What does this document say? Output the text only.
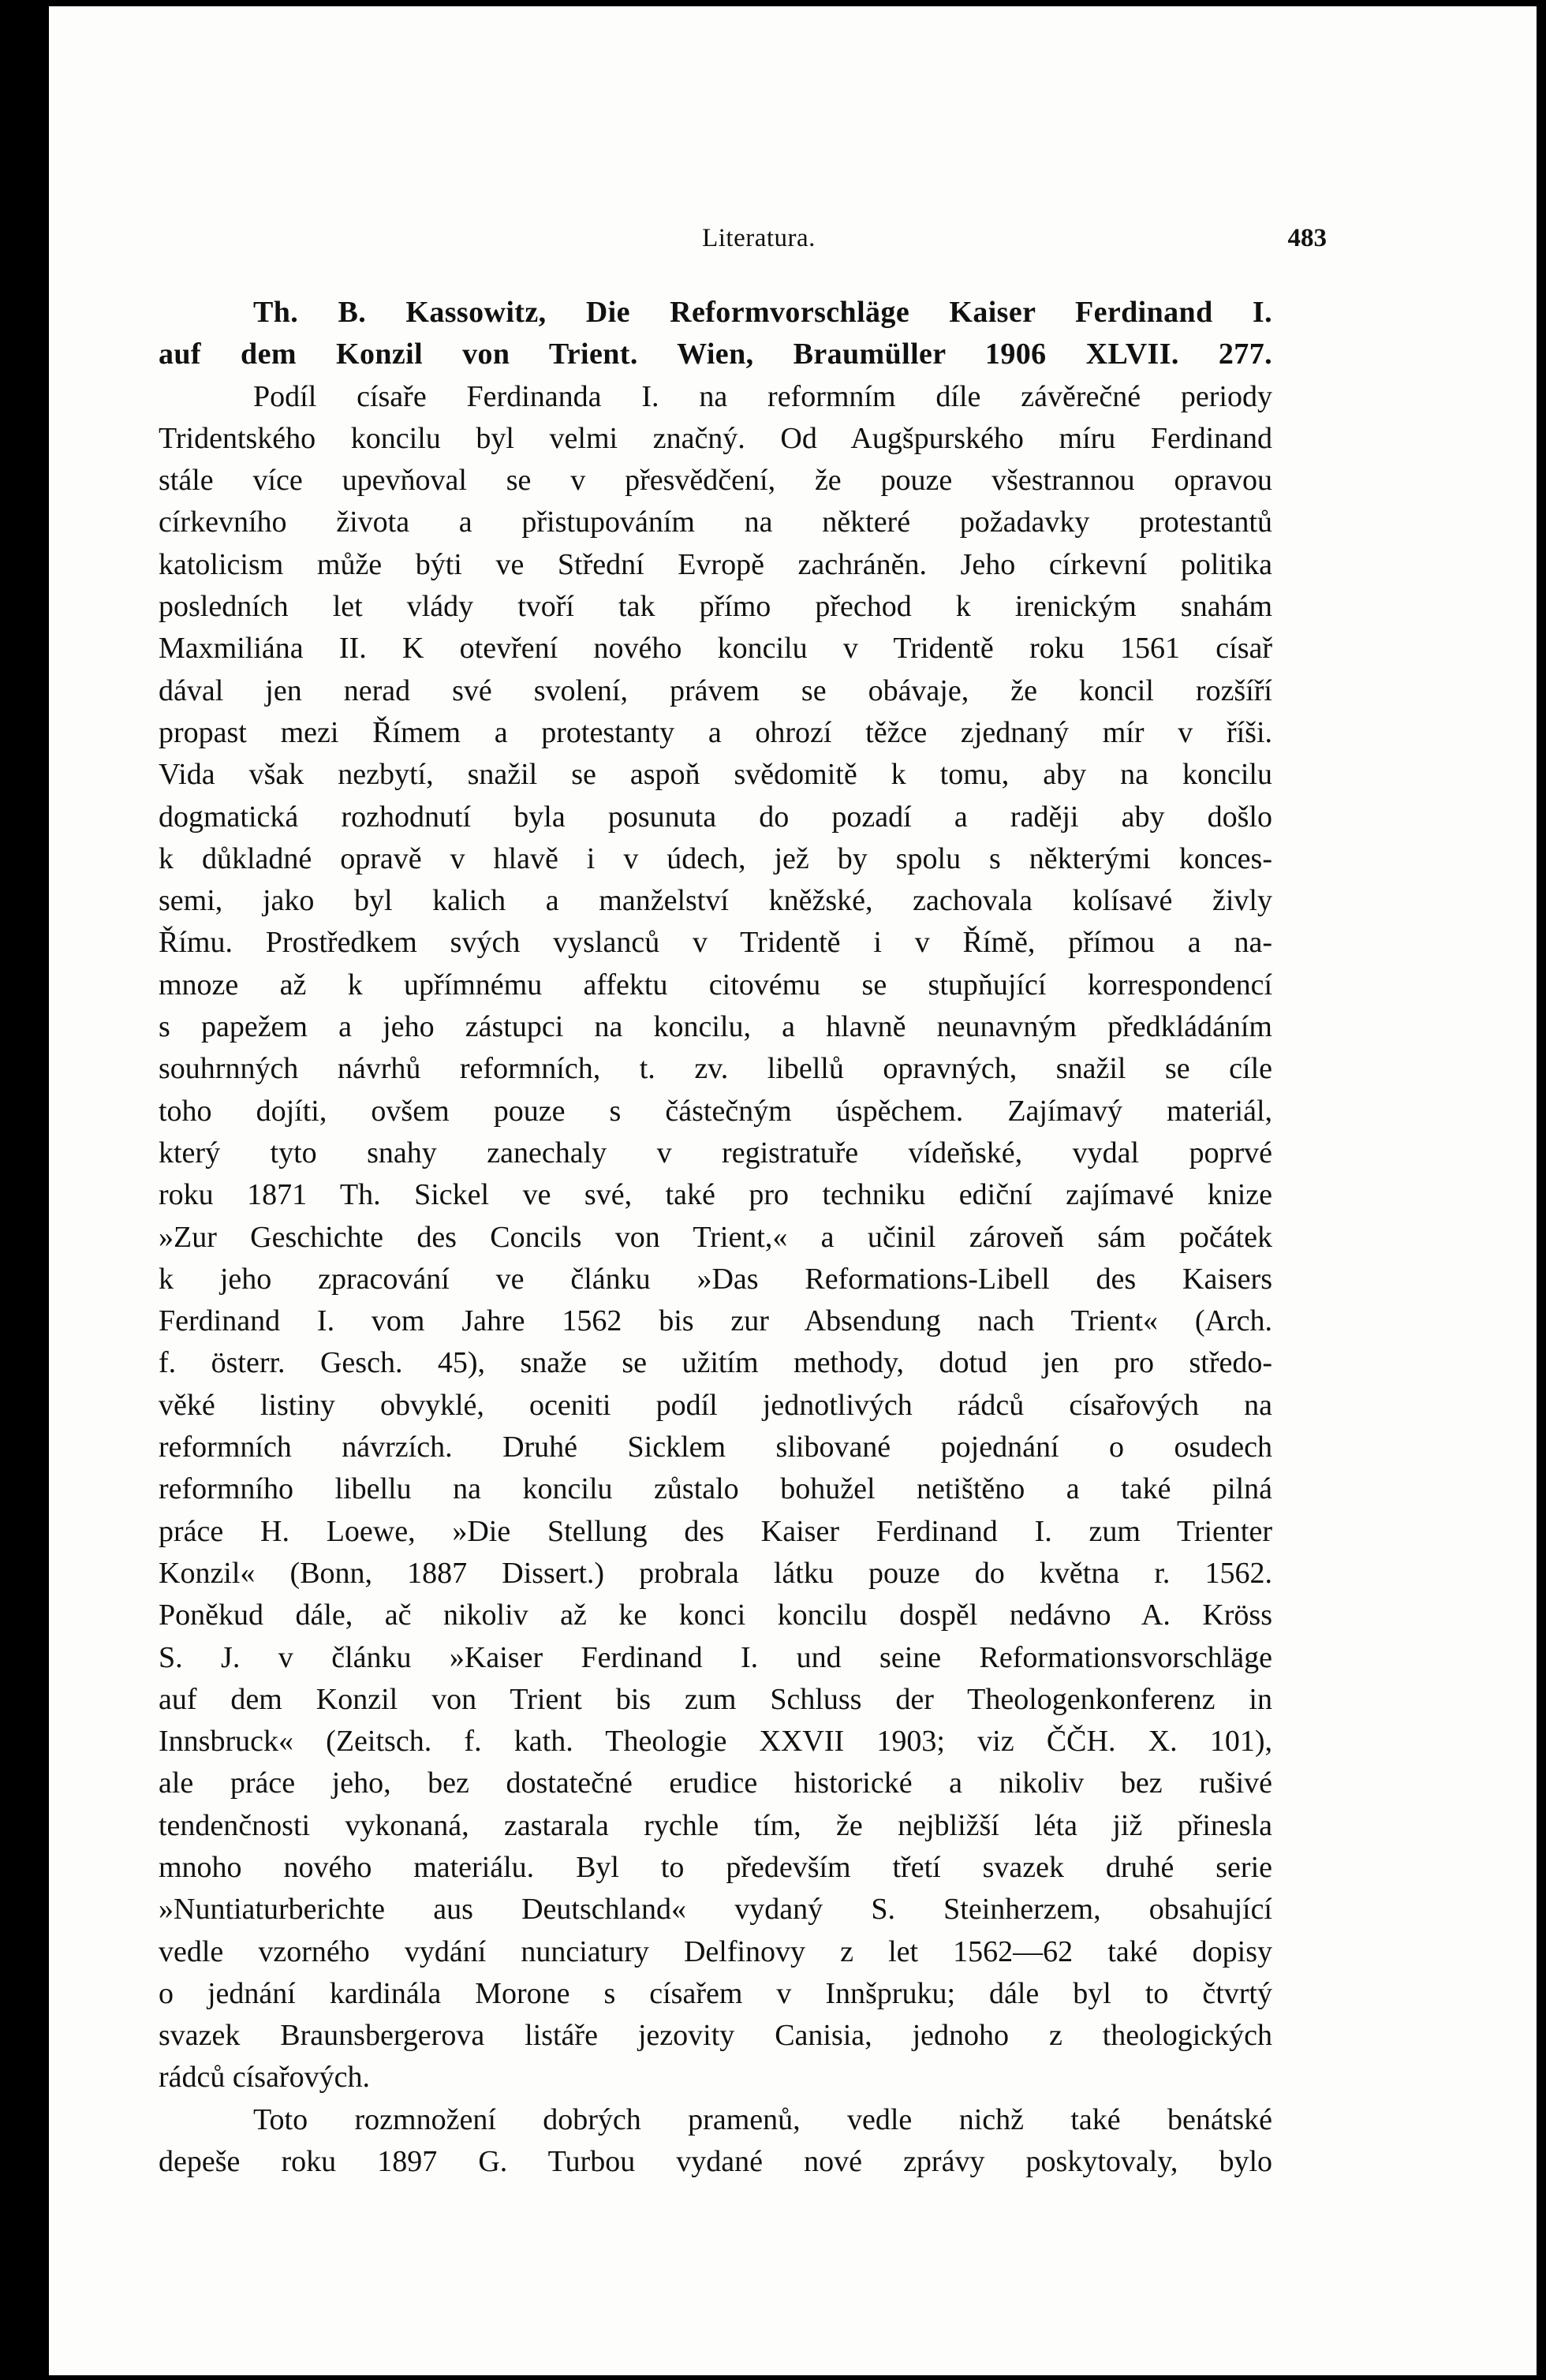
Literatura.	483
Th. B. Kassowitz, Die Reformvorschläge Kaiser Ferdinand I.
auf dem Konzil von Trient. Wien, Braumüller 1906 XLVII. 277.
Podíl císaře Ferdinanda I. na reformním díle závěrečné periody
Tridentského koncilu byl velmi značný. Od Augšpurského míru Ferdinand
stále více upevňoval se v přesvědčení, že pouze všestrannou opravou
církevního života a přistupováním na některé požadavky protestantů
katolicism může býti ve Střední Evropě zachráněn. Jeho církevní politika
posledních let vlády tvoří tak přímo přechod k irenickým snahám
Maxmiliána II. K otevření nového koncilu v Tridentě roku 1561 císař
dával jen nerad své svolení, právem se obávaje, že koncil rozšíří
propast mezi Římem a protestanty a ohrozí těžce zjednaný mír v říši.
Vida však nezbytí, snažil se aspoň svědomitě k tomu, aby na koncilu
dogmatická rozhodnutí byla posunuta do pozadí a raději aby došlo
k důkladné opravě v hlavě i v údech, jež by spolu s některými konces-
semi, jako byl kalich a manželství kněžské, zachovala kolísavé živly
Římu. Prostředkem svých vyslanců v Tridentě i v Římě, přímou a na-
mnoze až k upřímnému affektu citovému se stupňující korrespondencí
s papežem a jeho zástupci na koncilu, a hlavně neunavným předkládáním
souhrnných návrhů reformních, t. zv. libellů opravných, snažil se cíle
toho dojíti, ovšem pouze s částečným úspěchem. Zajímavý materiál,
který tyto snahy zanechaly v registratuře vídeňské, vydal poprvé
roku 1871 Th. Sickel ve své, také pro techniku ediční zajímavé knize
»Zur Geschichte des Concils von Trient,« a učinil zároveň sám počátek
k jeho zpracování ve článku »Das Reformations-Libell des Kaisers
Ferdinand I. vom Jahre 1562 bis zur Absendung nach Trient« (Arch.
f. österr. Gesch. 45), snaže se užitím methody, dotud jen pro středo-
věké listiny obvyklé, oceniti podíl jednotlivých rádců císařových na
reformních návrzích. Druhé Sicklem slibované pojednání o osudech
reformního libellu na koncilu zůstalo bohužel netištěno a také pilná
práce H. Loewe, »Die Stellung des Kaiser Ferdinand I. zum Trienter
Konzil« (Bonn, 1887 Dissert.) probrala látku pouze do května r. 1562.
Poněkud dále, ač nikoliv až ke konci koncilu dospěl nedávno A. Kröss
S. J. v článku »Kaiser Ferdinand I. und seine Reformationsvorschläge
auf dem Konzil von Trient bis zum Schluss der Theologenkonferenz in
Innsbruck« (Zeitsch. f. kath. Theologie XXVII 1903; viz ČČH. X. 101),
ale práce jeho, bez dostatečné erudice historické a nikoliv bez rušivé
tendenčnosti vykonaná, zastarala rychle tím, že nejbližší léta již přinesla
mnoho nového materiálu. Byl to především třetí svazek druhé serie
»Nuntiaturberichte aus Deutschland« vydaný S. Steinherzem, obsahující
vedle vzorného vydání nunciatury Delfinovy z let 1562—62 také dopisy
o jednání kardinála Morone s císařem v Innšpruku; dále byl to čtvrtý
svazek Braunsbergerova listáře jezovity Canisia, jednoho z theologických
rádců císařových.
Toto rozmnožení dobrých pramenů, vedle nichž také benátské
depeše roku 1897 G. Turbou vydané nové zprávy poskytovaly, bylo
